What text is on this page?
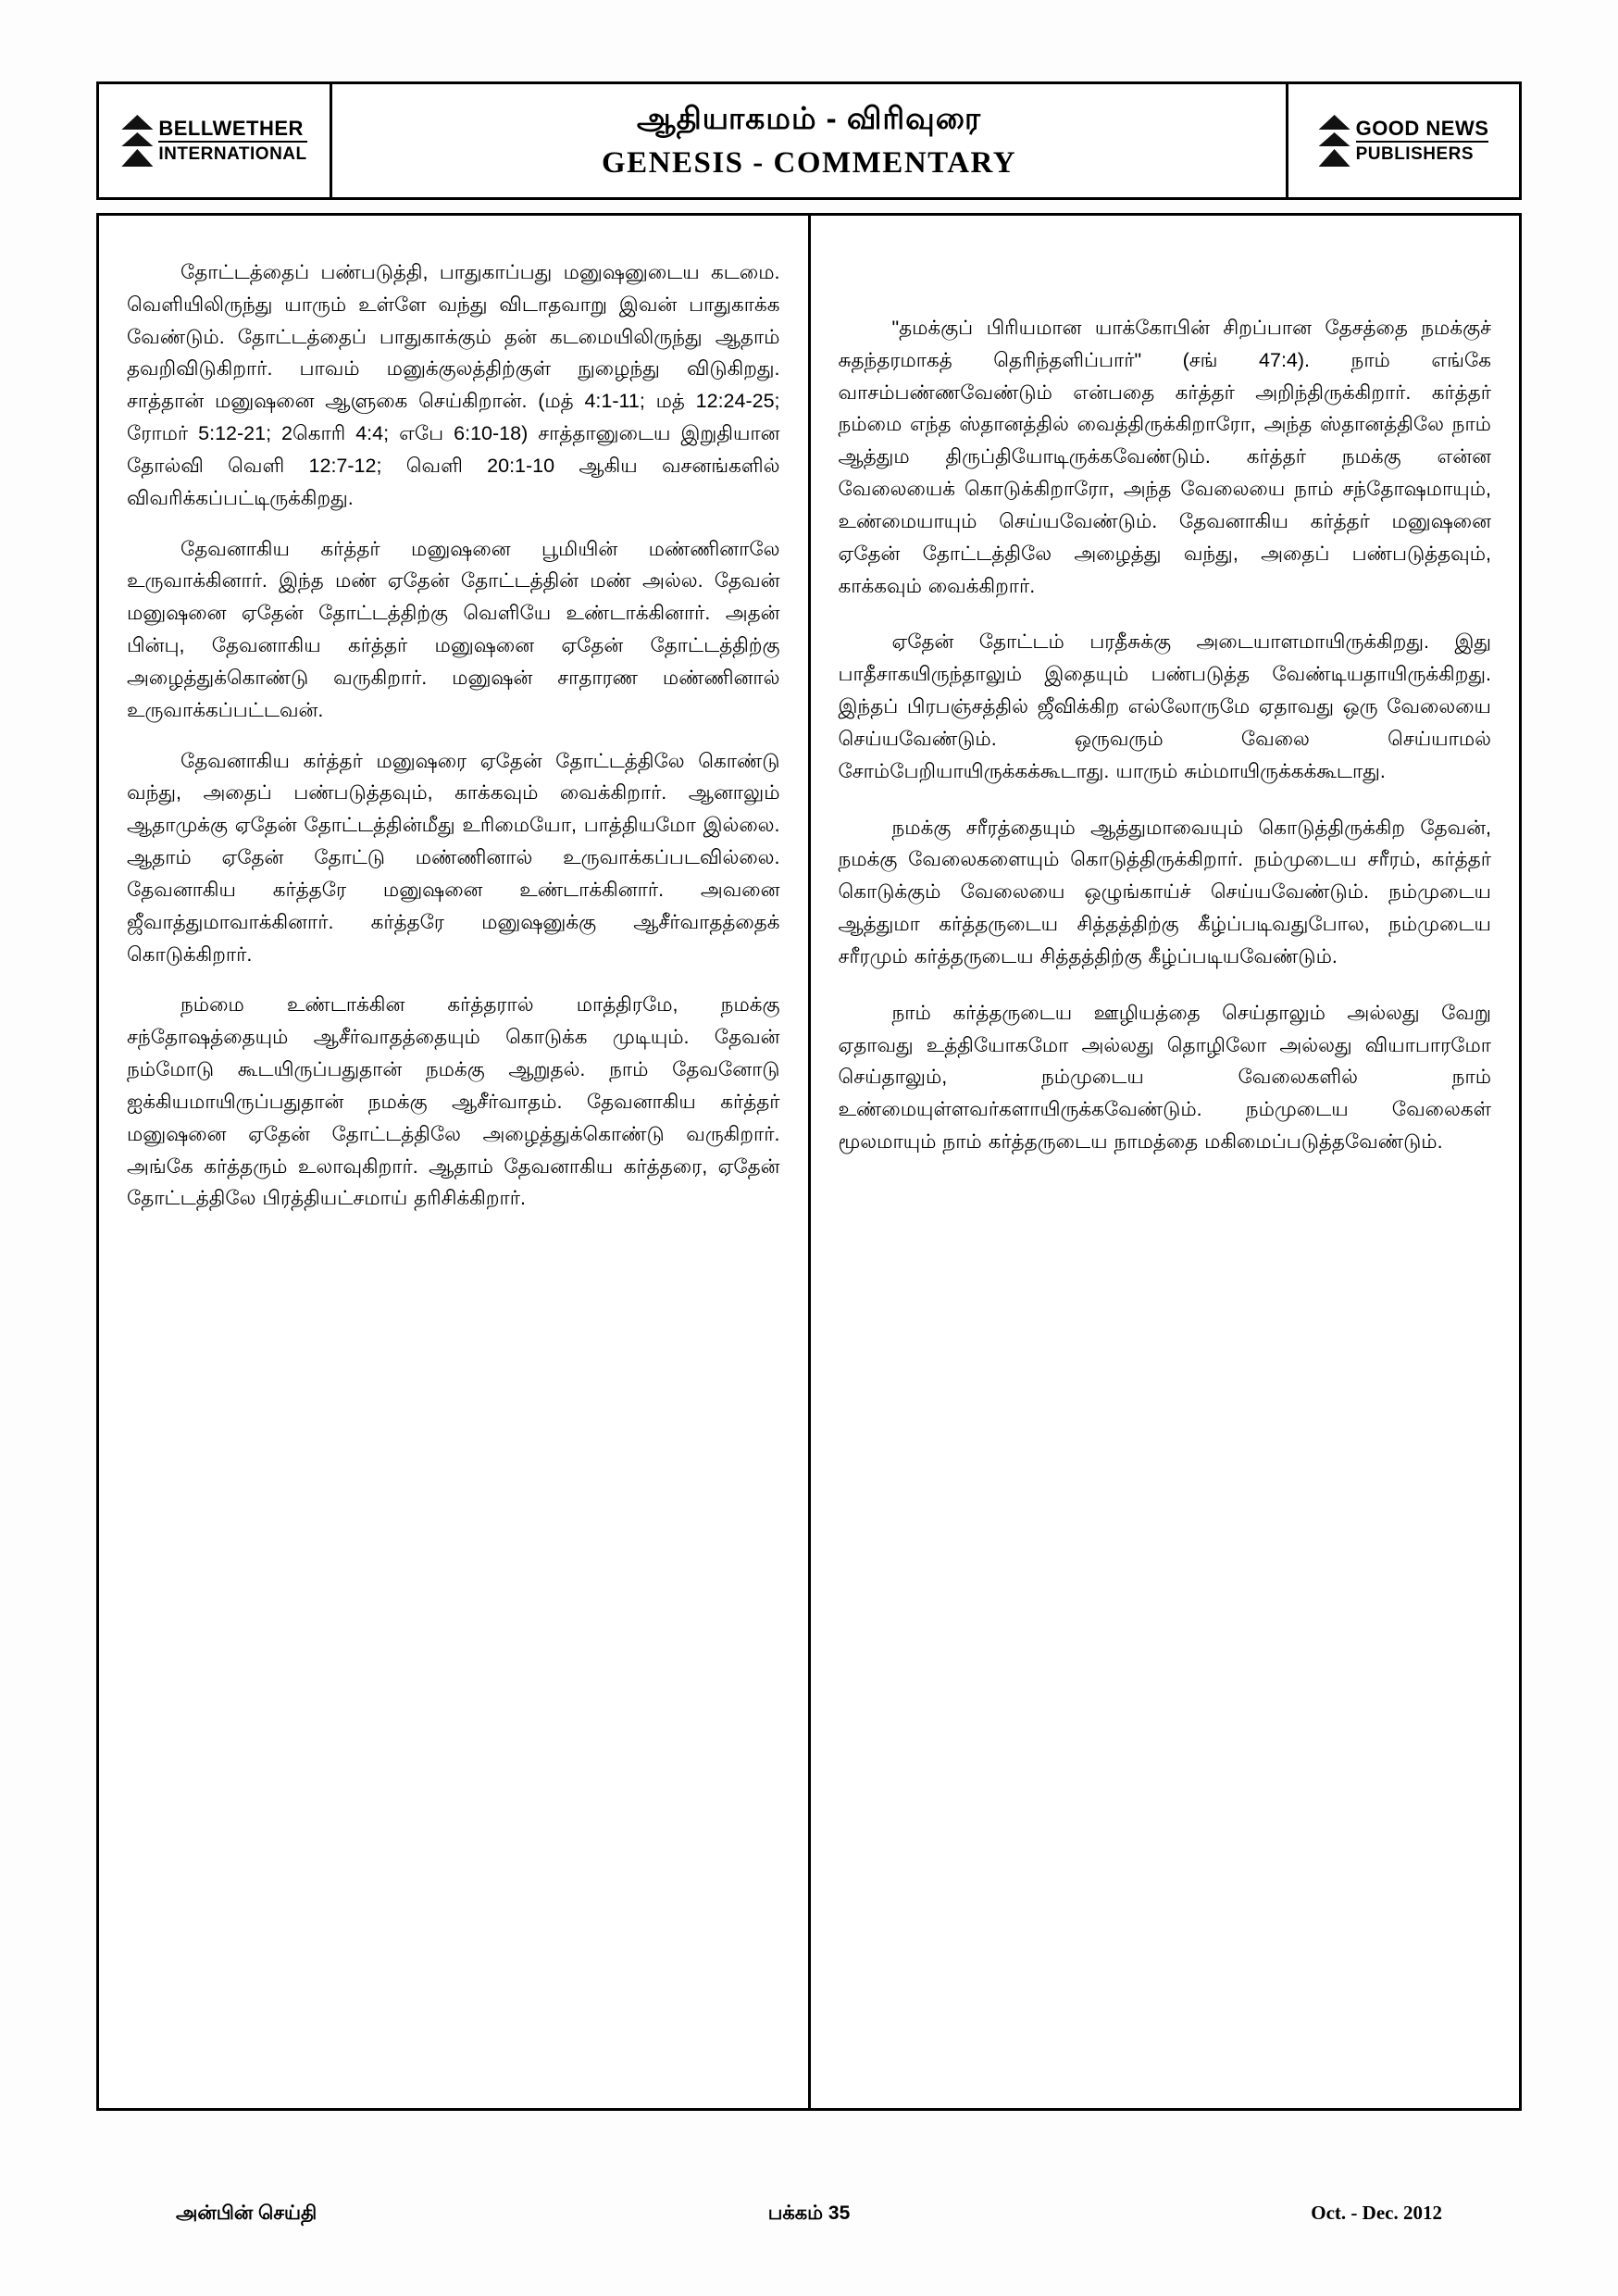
BELLWETHER
INTERNATIONAL
ஆதியாகமம் - விரிவுரை
GENESIS - COMMENTARY
GOOD NEWS
PUBLISHERS

தோட்டத்தைப் பண்படுத்தி, பாதுகாப்பது மனுஷனுடைய கடமை. வெளியிலிருந்து யாரும் உள்ளே வந்து விடாதவாறு இவன் பாதுகாக்க வேண்டும். தோட்டத்தைப் பாதுகாக்கும் தன் கடமையிலிருந்து ஆதாம் தவறிவிடுகிறார். பாவம் மனுக்குலத்திற்குள் நுழைந்து விடுகிறது. சாத்தான் மனுஷனை ஆளுகை செய்கிறான். (மத் 4:1-11; மத் 12:24-25; ரோமர் 5:12-21; 2கொரி 4:4; எபே 6:10-18) சாத்தானுடைய இறுதியான தோல்வி வெளி 12:7-12; வெளி 20:1-10 ஆகிய வசனங்களில் விவரிக்கப்பட்டிருக்கிறது.

தேவனாகிய கர்த்தர் மனுஷனை பூமியின் மண்ணினாலே உருவாக்கினார். இந்த மண் ஏதேன் தோட்டத்தின் மண் அல்ல. தேவன் மனுஷனை ஏதேன் தோட்டத்திற்கு வெளியே உண்டாக்கினார். அதன் பின்பு, தேவனாகிய கர்த்தர் மனுஷனை ஏதேன் தோட்டத்திற்கு அழைத்துக்கொண்டு வருகிறார். மனுஷன் சாதாரண மண்ணினால் உருவாக்கப்பட்டவன்.

தேவனாகிய கர்த்தர் மனுஷரை ஏதேன் தோட்டத்திலே கொண்டு வந்து, அதைப் பண்படுத்தவும், காக்கவும் வைக்கிறார். ஆனாலும் ஆதாமுக்கு ஏதேன் தோட்டத்தின்மீது உரிமையோ, பாத்தியமோ இல்லை. ஆதாம் ஏதேன் தோட்டு மண்ணினால் உருவாக்கப்படவில்லை. தேவனாகிய கர்த்தரே மனுஷனை உண்டாக்கினார். அவனை ஜீவாத்துமாவாக்கினார். கர்த்தரே மனுஷனுக்கு ஆசீர்வாதத்தைக் கொடுக்கிறார்.

நம்மை உண்டாக்கின கர்த்தரால் மாத்திரமே, நமக்கு சந்தோஷத்தையும் ஆசீர்வாதத்தையும் கொடுக்க முடியும். தேவன் நம்மோடு கூடயிருப்பதுதான் நமக்கு ஆறுதல். நாம் தேவனோடு ஐக்கியமாயிருப்பதுதான் நமக்கு ஆசீர்வாதம். தேவனாகிய கர்த்தர் மனுஷனை ஏதேன் தோட்டத்திலே அழைத்துக்கொண்டு வருகிறார். அங்கே கர்த்தரும் உலாவுகிறார். ஆதாம் தேவனாகிய கர்த்தரை, ஏதேன் தோட்டத்திலே பிரத்தியட்சமாய் தரிசிக்கிறார்.

"தமக்குப் பிரியமான யாக்கோபின் சிறப்பான தேசத்தை நமக்குச் சுதந்தரமாகத் தெரிந்தளிப்பார்" (சங் 47:4). நாம் எங்கே வாசம்பண்ணவேண்டும் என்பதை கர்த்தர் அறிந்திருக்கிறார். கர்த்தர் நம்மை எந்த ஸ்தானத்தில் வைத்திருக்கிறாரோ, அந்த ஸ்தானத்திலே நாம் ஆத்தும திருப்தியோடிருக்கவேண்டும். கர்த்தர் நமக்கு என்ன வேலையைக் கொடுக்கிறாரோ, அந்த வேலையை நாம் சந்தோஷமாயும், உண்மையாயும் செய்யவேண்டும். தேவனாகிய கர்த்தர் மனுஷனை ஏதேன் தோட்டத்திலே அழைத்து வந்து, அதைப் பண்படுத்தவும், காக்கவும் வைக்கிறார்.

ஏதேன் தோட்டம் பரதீசுக்கு அடையாளமாயிருக்கிறது. இது பாதீசாகயிருந்தாலும் இதையும் பண்படுத்த வேண்டியதாயிருக்கிறது. இந்தப் பிரபஞ்சத்தில் ஜீவிக்கிற எல்லோருமே ஏதாவது ஒரு வேலையை செய்யவேண்டும். ஒருவரும் வேலை செய்யாமல் சோம்பேறியாயிருக்கக்கூடாது. யாரும் சும்மாயிருக்கக்கூடாது.

நமக்கு சரீரத்தையும் ஆத்துமாவையும் கொடுத்திருக்கிற தேவன், நமக்கு வேலைகளையும் கொடுத்திருக்கிறார். நம்முடைய சரீரம், கர்த்தர் கொடுக்கும் வேலையை ஒழுங்காய்ச் செய்யவேண்டும். நம்முடைய ஆத்துமா கர்த்தருடைய சித்தத்திற்கு கீழ்ப்படிவதுபோல, நம்முடைய சரீரமும் கர்த்தருடைய சித்தத்திற்கு கீழ்ப்படியவேண்டும்.

நாம் கர்த்தருடைய ஊழியத்தை செய்தாலும் அல்லது வேறு ஏதாவது உத்தியோகமோ அல்லது தொழிலோ அல்லது வியாபாரமோ செய்தாலும், நம்முடைய வேலைகளில் நாம் உண்மையுள்ளவர்களாயிருக்கவேண்டும். நம்முடைய வேலைகள் மூலமாயும் நாம் கர்த்தருடைய நாமத்தை மகிமைப்படுத்தவேண்டும்.

அன்பின் செய்தி	பக்கம் 35	Oct. - Dec. 2012
